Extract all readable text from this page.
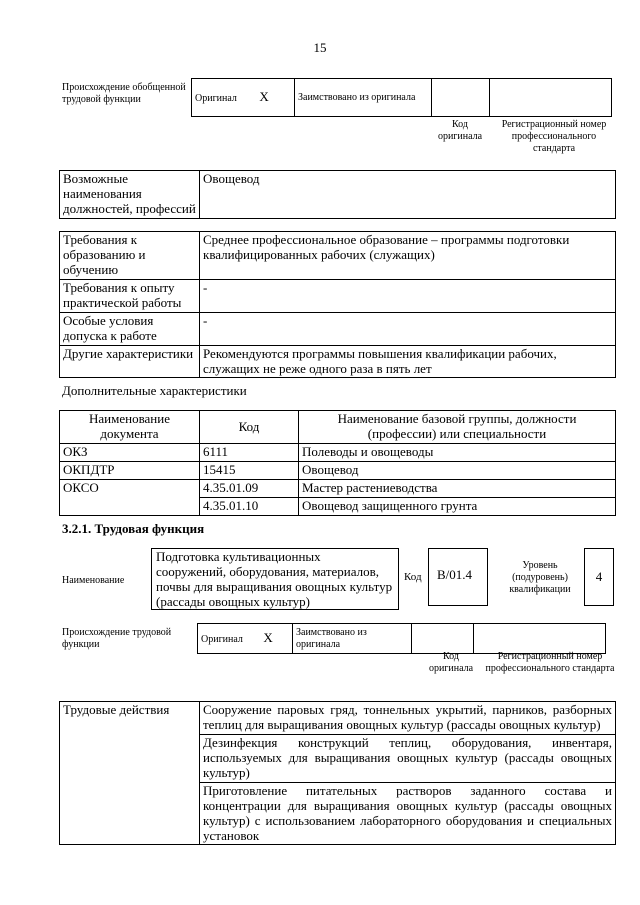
15
Происхождение обобщенной трудовой функции	Оригинал X	Заимствовано из оригинала		
Код оригинала
Регистрационный номер профессионального стандарта
Возможные наименования должностей, профессий	Овощевод
Требования к образованию и обучению	Среднее профессиональное образование – программы подготовки квалифицированных рабочих (служащих)
Требования к опыту практической работы	-
Особые условия допуска к работе	-
Другие характеристики	Рекомендуются программы повышения квалификации рабочих, служащих не реже одного раза в пять лет
Дополнительные характеристики
Наименование документа	Код	Наименование базовой группы, должности (профессии) или специальности
ОКЗ	6111	Полеводы и овощеводы
ОКПДТР	15415	Овощевод
ОКСО	4.35.01.09	Мастер растениеводства
	4.35.01.10	Овощевод защищенного грунта
3.2.1. Трудовая функция
Наименование
Подготовка культивационных сооружений, оборудования, материалов, почвы для выращивания овощных культур (рассады овощных культур)
Код	В/01.4
Уровень (подуровень) квалификации
4
Происхождение трудовой функции	Оригинал X	Заимствовано из оригинала		
Код оригинала
Регистрационный номер профессионального стандарта
Трудовые действия	Сооружение паровых гряд, тоннельных укрытий, парников, разборных теплиц для выращивания овощных культур (рассады овощных культур)
Дезинфекция конструкций теплиц, оборудования, инвентаря, используемых для выращивания овощных культур (рассады овощных культур)
Приготовление питательных растворов заданного состава и концентрации для выращивания овощных культур (рассады овощных культур) с использованием лабораторного оборудования и специальных установок
